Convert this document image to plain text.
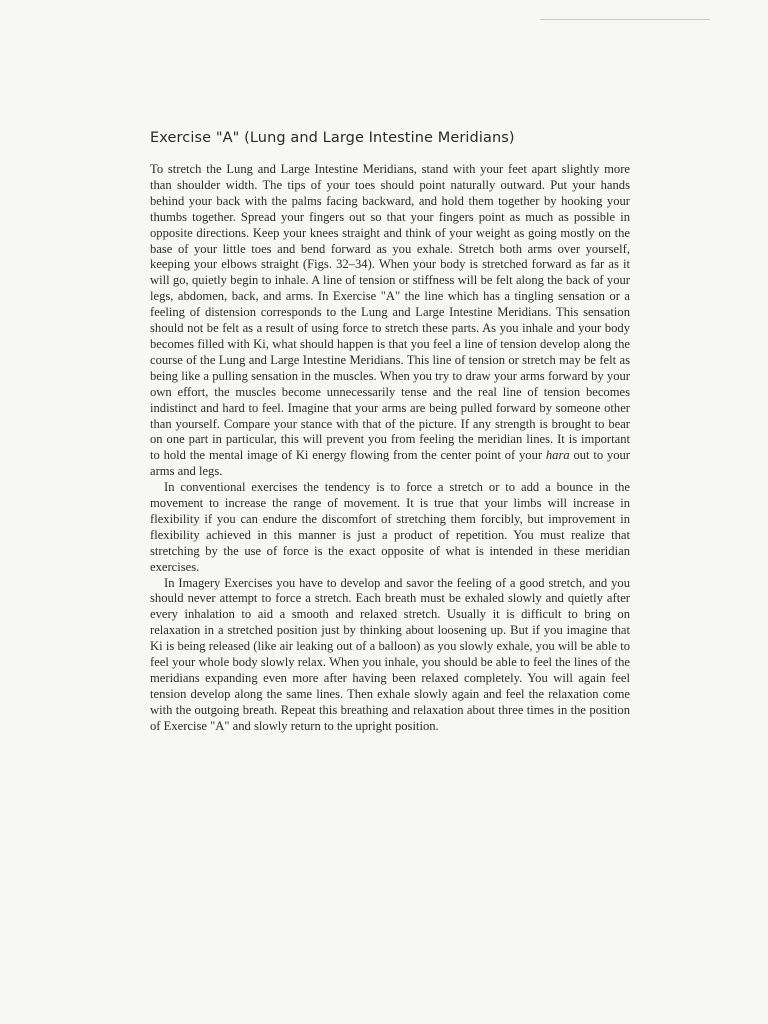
Exercise "A" (Lung and Large Intestine Meridians)

To stretch the Lung and Large Intestine Meridians, stand with your feet apart slightly more than shoulder width. The tips of your toes should point naturally outward. Put your hands behind your back with the palms facing backward, and hold them together by hooking your thumbs together. Spread your fingers out so that your fingers point as much as possible in opposite directions. Keep your knees straight and think of your weight as going mostly on the base of your little toes and bend forward as you exhale. Stretch both arms over yourself, keeping your elbows straight (Figs. 32–34). When your body is stretched forward as far as it will go, quietly begin to inhale. A line of tension or stiffness will be felt along the back of your legs, abdomen, back, and arms. In Exercise "A" the line which has a tingling sensation or a feeling of distension corresponds to the Lung and Large Intestine Meridians. This sensation should not be felt as a result of using force to stretch these parts. As you inhale and your body becomes filled with Ki, what should happen is that you feel a line of tension develop along the course of the Lung and Large Intestine Meridians. This line of tension or stretch may be felt as being like a pulling sensation in the muscles. When you try to draw your arms forward by your own effort, the muscles become unnecessarily tense and the real line of tension becomes indistinct and hard to feel. Imagine that your arms are being pulled forward by someone other than yourself. Compare your stance with that of the picture. If any strength is brought to bear on one part in particular, this will prevent you from feeling the meridian lines. It is important to hold the mental image of Ki energy flowing from the center point of your hara out to your arms and legs.

In conventional exercises the tendency is to force a stretch or to add a bounce in the movement to increase the range of movement. It is true that your limbs will increase in flexibility if you can endure the discomfort of stretching them forcibly, but improvement in flexibility achieved in this manner is just a product of repetition. You must realize that stretching by the use of force is the exact opposite of what is intended in these meridian exercises.

In Imagery Exercises you have to develop and savor the feeling of a good stretch, and you should never attempt to force a stretch. Each breath must be exhaled slowly and quietly after every inhalation to aid a smooth and relaxed stretch. Usually it is difficult to bring on relaxation in a stretched position just by thinking about loosening up. But if you imagine that Ki is being released (like air leaking out of a balloon) as you slowly exhale, you will be able to feel your whole body slowly relax. When you inhale, you should be able to feel the lines of the meridians expanding even more after having been relaxed completely. You will again feel tension develop along the same lines. Then exhale slowly again and feel the relaxation come with the outgoing breath. Repeat this breathing and relaxation about three times in the position of Exercise "A" and slowly return to the upright position.
